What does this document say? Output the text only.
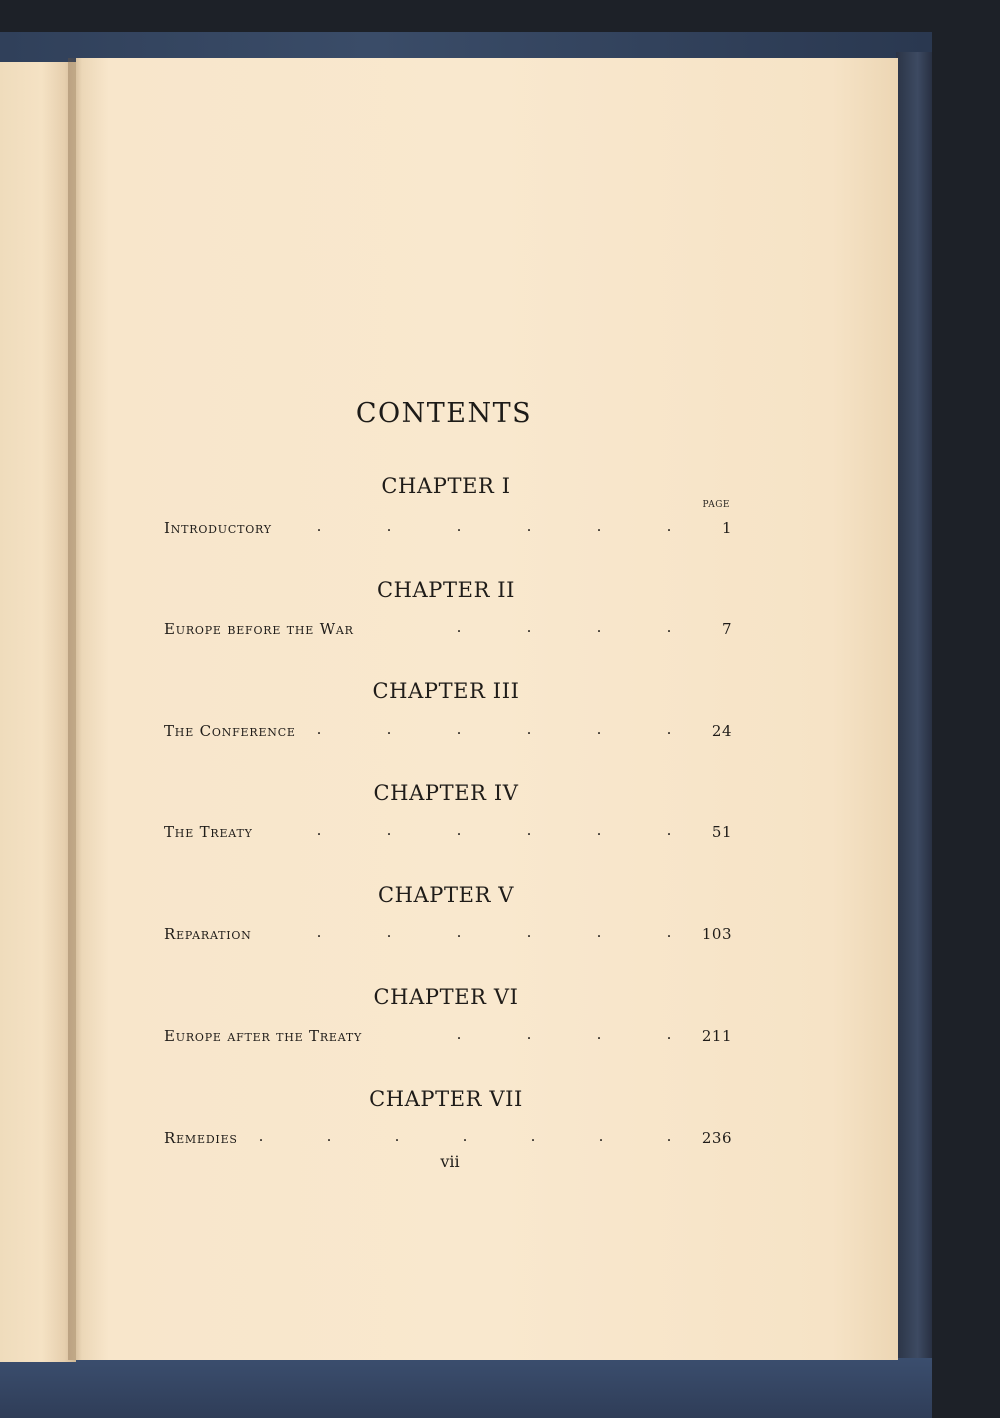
CONTENTS
PAGE
CHAPTER I
Introductory	.	.	.	.	.	.	1
CHAPTER II
Europe before the War	.	.	.	.	7
CHAPTER III
The Conference .	.	.	.	.	.	24
CHAPTER IV
The Treaty	.	.	.	.	.	.	51
CHAPTER V
Reparation	.	.	.	.	.	. 103
CHAPTER VI
Europe after the Treaty	.	.	.	. 211
CHAPTER VII
Remedies .	.	.	.	.	.	. 236
vii
